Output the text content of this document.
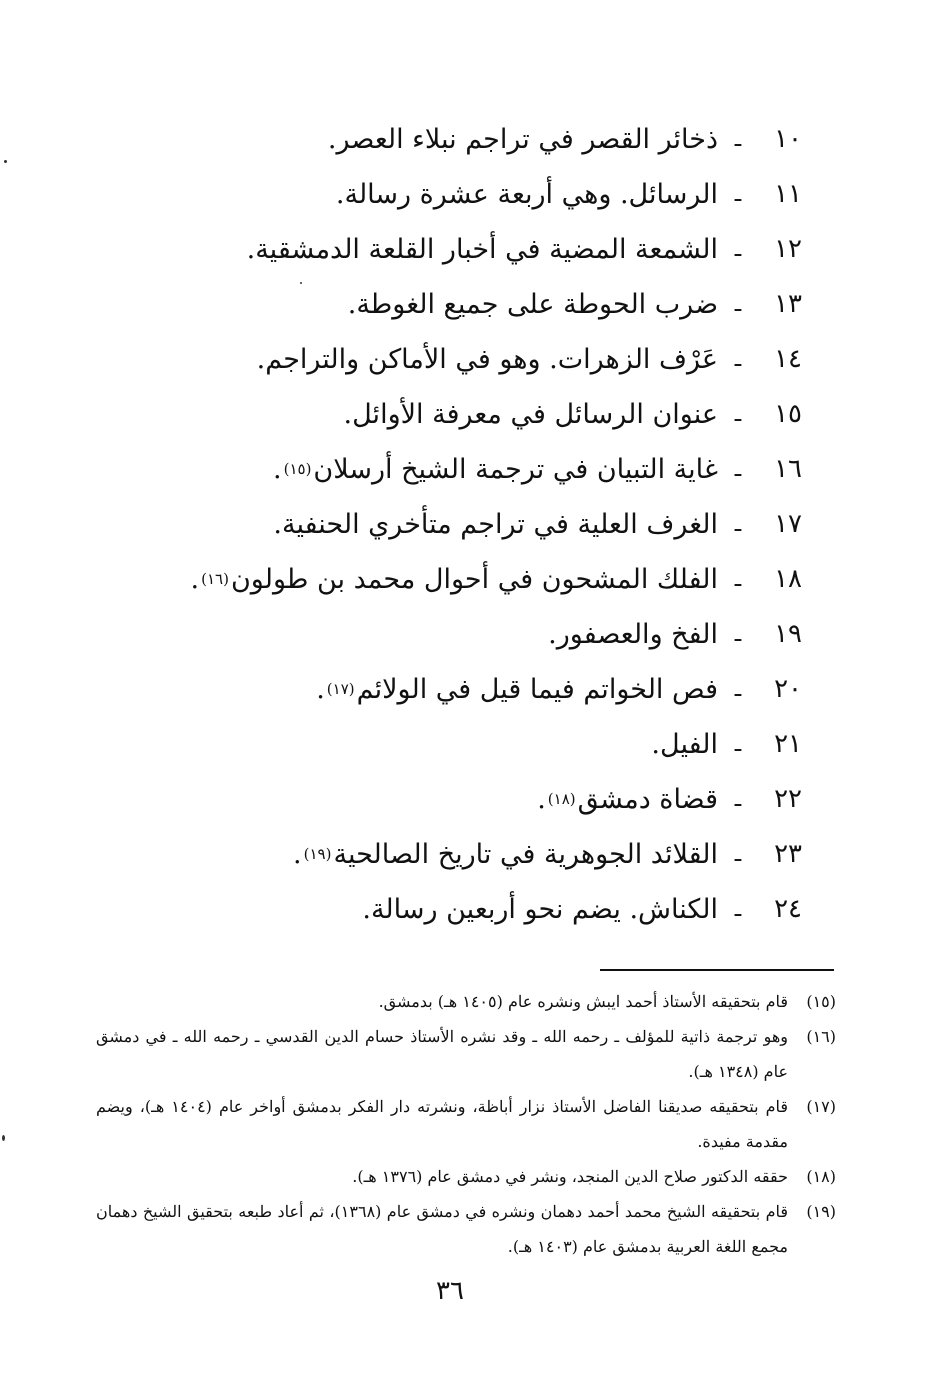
١٠
ـ
ذخائر القصر في تراجم نبلاء العصر
.
١١
ـ
الرسائل. وهي أربعة عشرة رسالة
.
١٢
ـ
الشمعة المضية في أخبار القلعة الدمشقية
.
١٣
ـ
ضرب الحوطة على جميع الغوطة
.
١٤
ـ
عَرْف الزهرات. وهو في الأماكن والتراجم
.
١٥
ـ
عنوان الرسائل في معرفة الأوائل
.
١٦
ـ
غاية التبيان في ترجمة الشيخ أرسلان
(١٥)
.
١٧
ـ
الغرف العلية في تراجم متأخري الحنفية
.
١٨
ـ
الفلك المشحون في أحوال محمد بن طولون
(١٦)
.
١٩
ـ
الفخ والعصفور
.
٢٠
ـ
فص الخواتم فيما قيل في الولائم
(١٧)
.
٢١
ـ
الفيل
.
٢٢
ـ
قضاة دمشق
(١٨)
.
٢٣
ـ
القلائد الجوهرية في تاريخ الصالحية
(١٩)
.
٢٤
ـ
الكناش. يضم نحو أربعين رسالة
.
(١٥)
قام بتحقيقه الأستاذ أحمد ايبش ونشره عام (١٤٠٥ هـ) بدمشق.
(١٦)
وهو ترجمة ذاتية للمؤلف ـ رحمه الله ـ وقد نشره الأستاذ حسام الدين القدسي ـ رحمه الله ـ في دمشق عام (١٣٤٨ هـ).
(١٧)
قام بتحقيقه صديقنا الفاضل الأستاذ نزار أباظة، ونشرته دار الفكر بدمشق أواخر عام (١٤٠٤ هـ)، ويضم مقدمة مفيدة.
(١٨)
حققه الدكتور صلاح الدين المنجد، ونشر في دمشق عام (١٣٧٦ هـ).
(١٩)
قام بتحقيقه الشيخ محمد أحمد دهمان ونشره في دمشق عام (١٣٦٨)، ثم أعاد طبعه بتحقيق الشيخ دهمان مجمع اللغة العربية بدمشق عام (١٤٠٣ هـ).
٣٦
